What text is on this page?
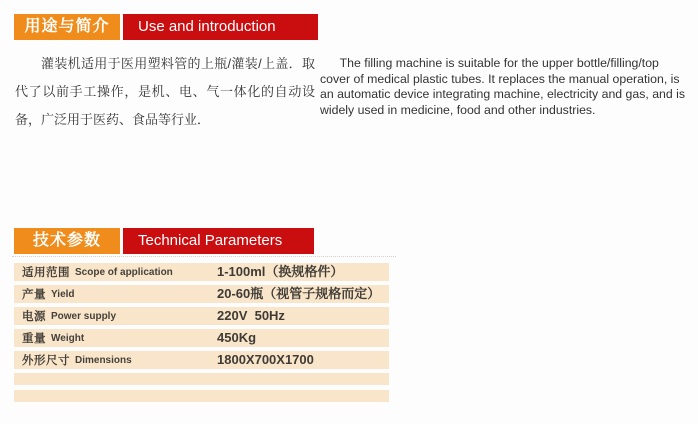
用途与简介	Use and introduction

灌装机适用于医用塑料管的上瓶/灌装/上盖．取代了以前手工操作，是机、电、气一体化的自动设备，广泛用于医药、食品等行业．

The filling machine is suitable for the upper bottle/filling/top cover of medical plastic tubes. It replaces the manual operation, is an automatic device integrating machine, electricity and gas, and is widely used in medicine, food and other industries.

技术参数	Technical Parameters
适用范围 Scope of application	1-100ml（换规格件）
产量 Yield	20-60瓶（视管子规格而定）
电源 Power supply	220V  50Hz
重量 Weight	450Kg
外形尺寸 Dimensions	1800X700X1700
